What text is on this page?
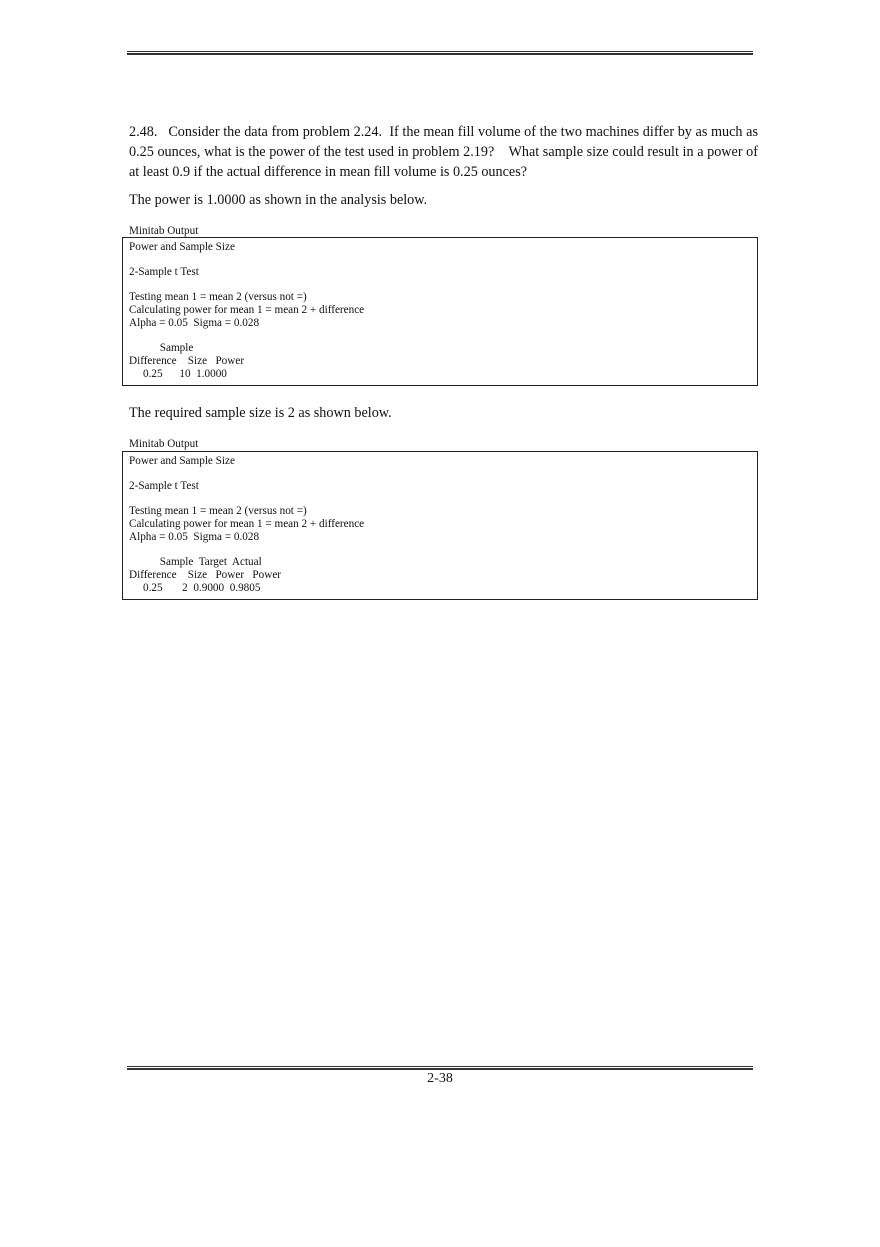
2.48.   Consider the data from problem 2.24.  If the mean fill volume of the two machines differ by as much as 0.25 ounces, what is the power of the test used in problem 2.19?    What sample size could result in a power of at least 0.9 if the actual difference in mean fill volume is 0.25 ounces?

The power is 1.0000 as shown in the analysis below.

Minitab Output
Power and Sample Size
2-Sample t Test
Testing mean 1 = mean 2 (versus not =)
Calculating power for mean 1 = mean 2 + difference
Alpha = 0.05  Sigma = 0.028
Sample
Difference    Size   Power
0.25      10  1.0000

The required sample size is 2 as shown below.

Minitab Output
Power and Sample Size
2-Sample t Test
Testing mean 1 = mean 2 (versus not =)
Calculating power for mean 1 = mean 2 + difference
Alpha = 0.05  Sigma = 0.028
Sample  Target  Actual
Difference    Size   Power   Power
0.25       2  0.9000  0.9805
2-38
